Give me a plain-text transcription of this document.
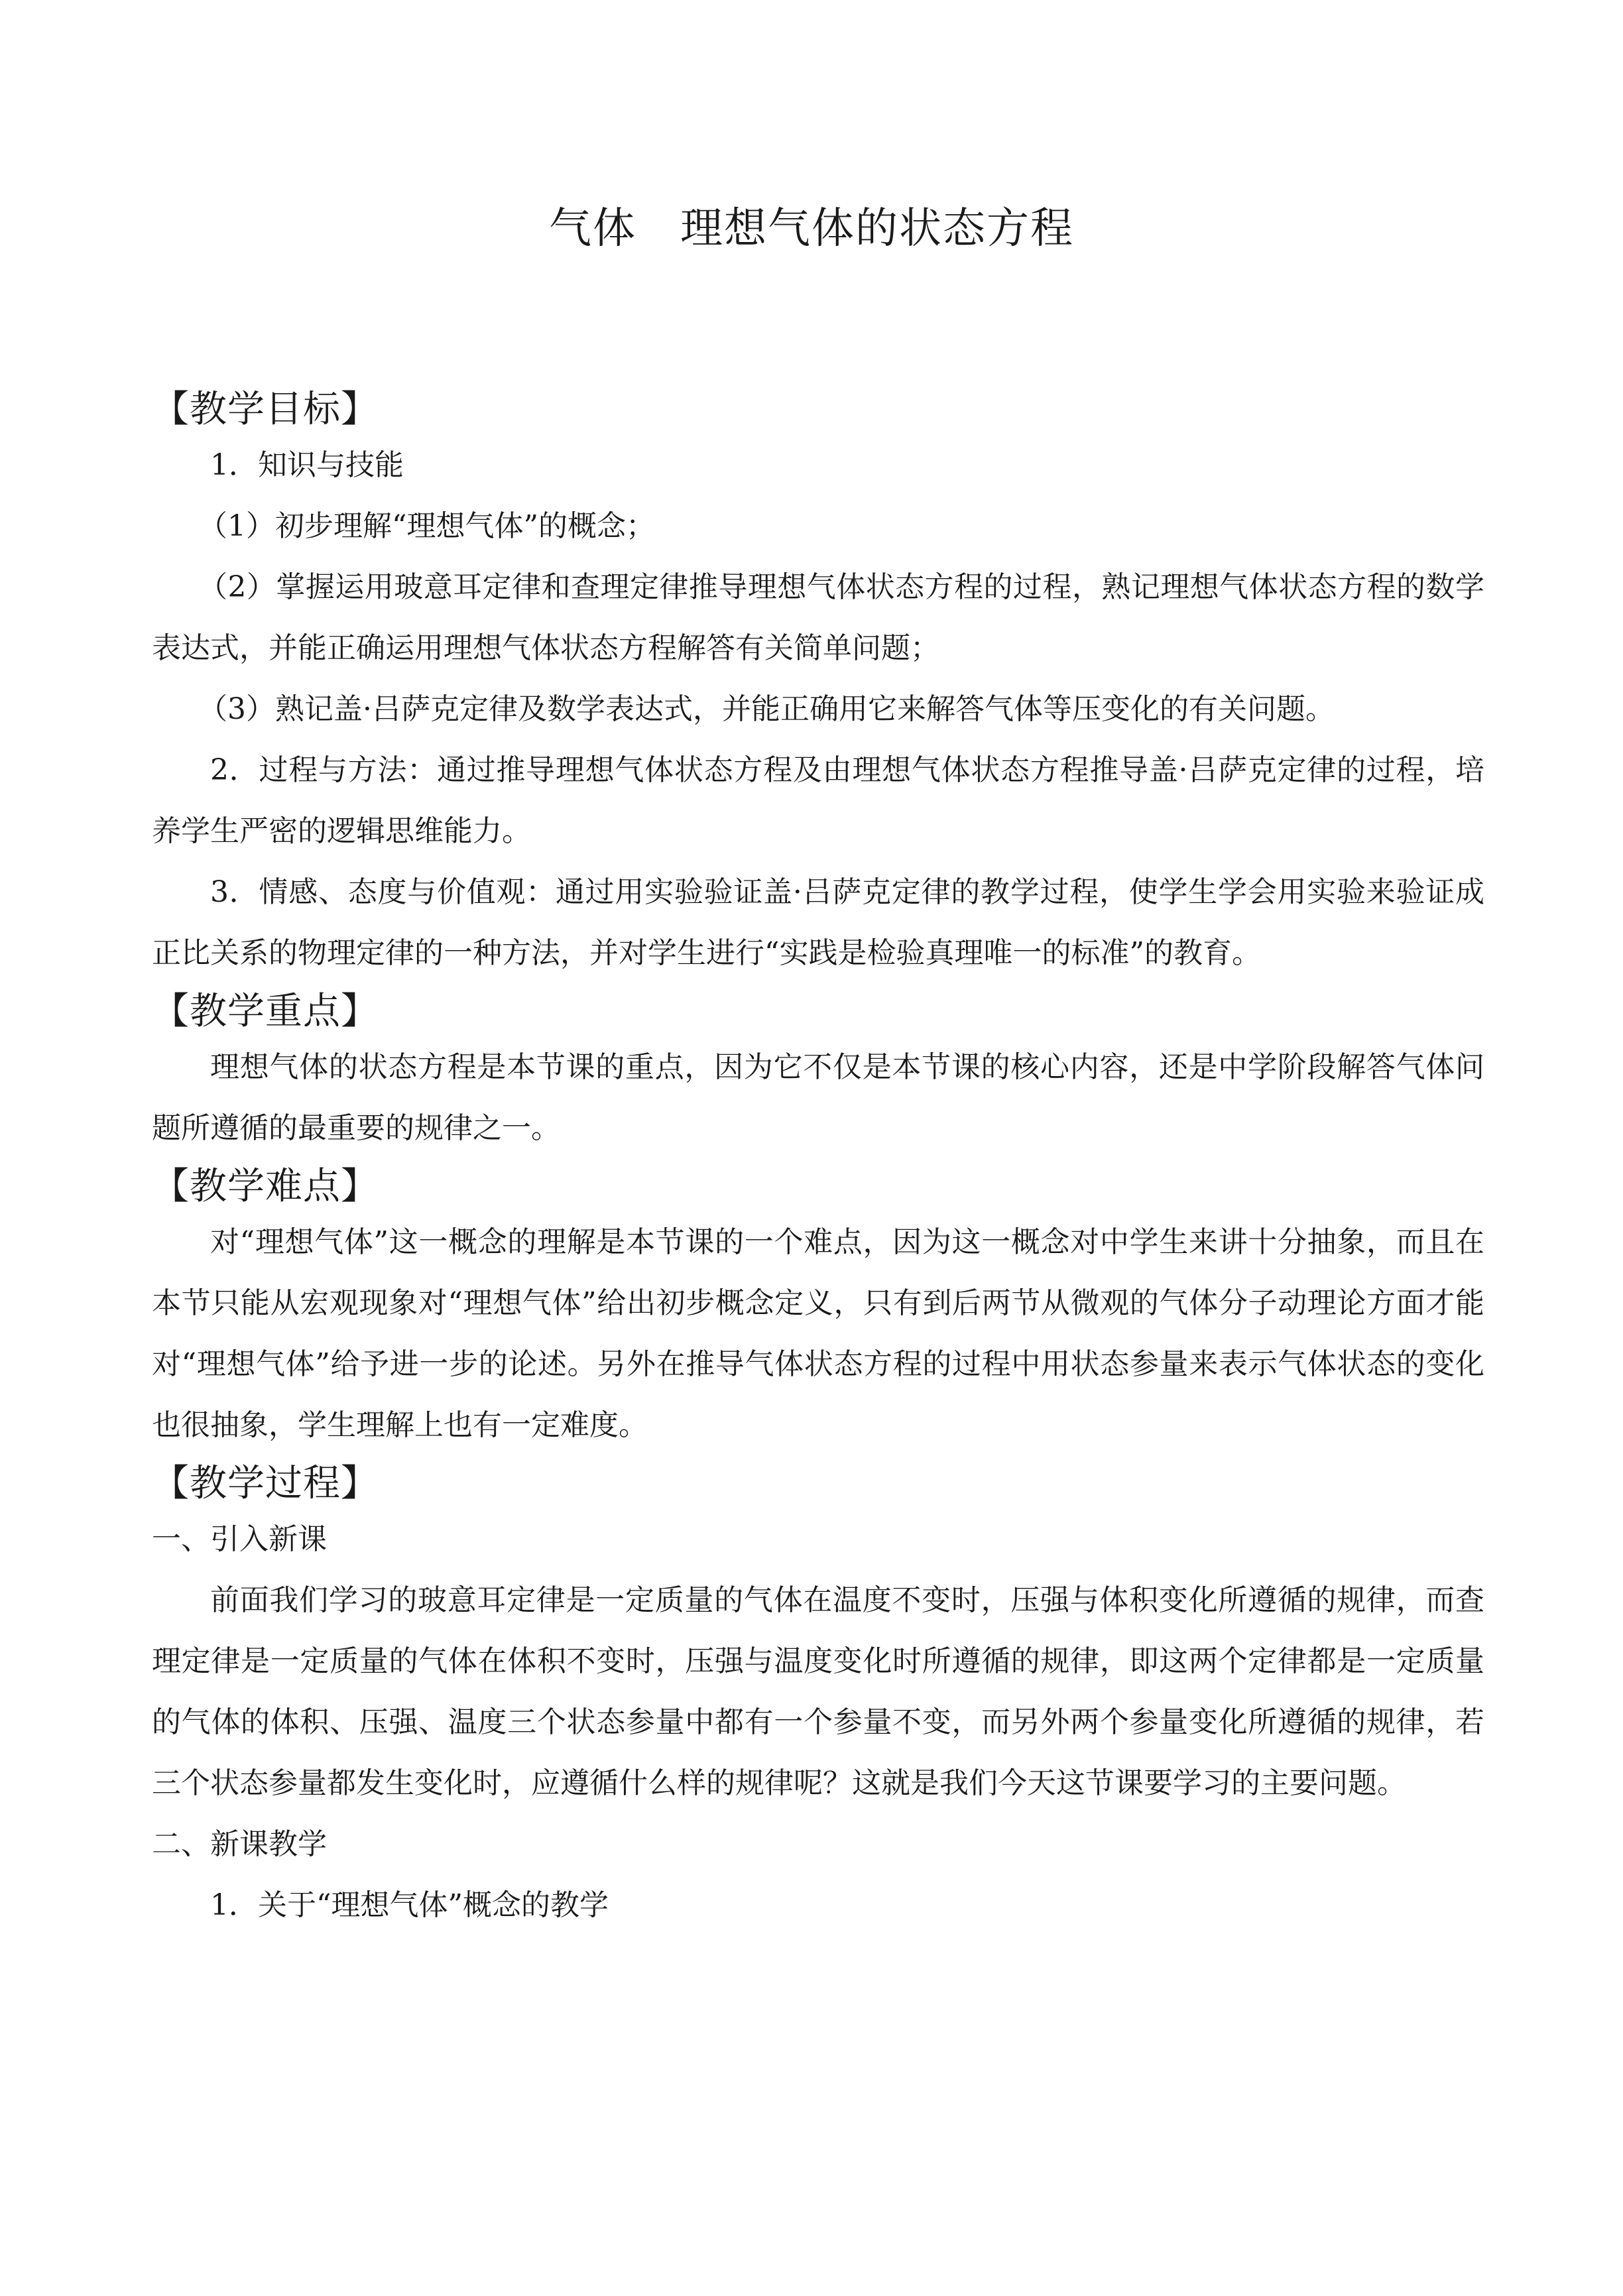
气体　理想气体的状态方程
【教学目标】

1．知识与技能

（1）初步理解“理想气体”的概念；

（2）掌握运用玻意耳定律和查理定律推导理想气体状态方程的过程，熟记理想气体状态方程的数学表达式，并能正确运用理想气体状态方程解答有关简单问题；

（3）熟记盖·吕萨克定律及数学表达式，并能正确用它来解答气体等压变化的有关问题。

2．过程与方法：通过推导理想气体状态方程及由理想气体状态方程推导盖·吕萨克定律的过程，培养学生严密的逻辑思维能力。

3．情感、态度与价值观：通过用实验验证盖·吕萨克定律的教学过程，使学生学会用实验来验证成正比关系的物理定律的一种方法，并对学生进行“实践是检验真理唯一的标准”的教育。

【教学重点】

理想气体的状态方程是本节课的重点，因为它不仅是本节课的核心内容，还是中学阶段解答气体问题所遵循的最重要的规律之一。

【教学难点】

对“理想气体”这一概念的理解是本节课的一个难点，因为这一概念对中学生来讲十分抽象，而且在本节只能从宏观现象对“理想气体”给出初步概念定义，只有到后两节从微观的气体分子动理论方面才能对“理想气体”给予进一步的论述。另外在推导气体状态方程的过程中用状态参量来表示气体状态的变化也很抽象，学生理解上也有一定难度。

【教学过程】

一、引入新课

前面我们学习的玻意耳定律是一定质量的气体在温度不变时，压强与体积变化所遵循的规律，而查理定律是一定质量的气体在体积不变时，压强与温度变化时所遵循的规律，即这两个定律都是一定质量的气体的体积、压强、温度三个状态参量中都有一个参量不变，而另外两个参量变化所遵循的规律，若三个状态参量都发生变化时，应遵循什么样的规律呢？这就是我们今天这节课要学习的主要问题。

二、新课教学

1．关于“理想气体”概念的教学
